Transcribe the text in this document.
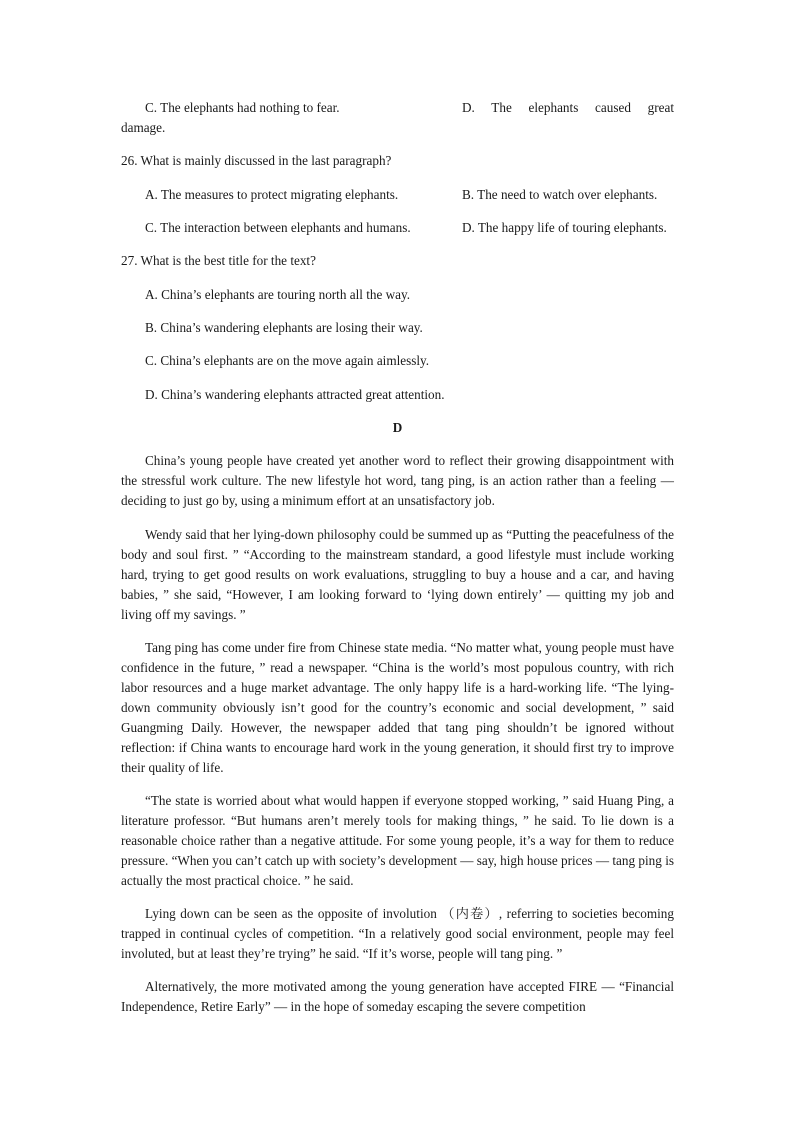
C. The elephants had nothing to fear.	D. The elephants caused great
damage.
26. What is mainly discussed in the last paragraph?
A. The measures to protect migrating elephants.	B. The need to watch over elephants.
C. The interaction between elephants and humans.	D. The happy life of touring elephants.
27. What is the best title for the text?
A. China’s elephants are touring north all the way.
B. China’s wandering elephants are losing their way.
C. China’s elephants are on the move again aimlessly.
D. China’s wandering elephants attracted great attention.
D
China’s young people have created yet another word to reflect their growing disappointment with the stressful work culture. The new lifestyle hot word, tang ping, is an action rather than a feeling — deciding to just go by, using a minimum effort at an unsatisfactory job.
Wendy said that her lying-down philosophy could be summed up as “Putting the peacefulness of the body and soul first. ” “According to the mainstream standard, a good lifestyle must include working hard, trying to get good results on work evaluations, struggling to buy a house and a car, and having babies, ” she said, “However, I am looking forward to ‘lying down entirely’ — quitting my job and living off my savings. ”
Tang ping has come under fire from Chinese state media. “No matter what, young people must have confidence in the future, ” read a newspaper. “China is the world’s most populous country, with rich labor resources and a huge market advantage. The only happy life is a hard-working life. “The lying-down community obviously isn’t good for the country’s economic and social development, ” said Guangming Daily. However, the newspaper added that tang ping shouldn’t be ignored without reflection: if China wants to encourage hard work in the young generation, it should first try to improve their quality of life.
“The state is worried about what would happen if everyone stopped working, ” said Huang Ping, a literature professor. “But humans aren’t merely tools for making things, ” he said. To lie down is a reasonable choice rather than a negative attitude. For some young people, it’s a way for them to reduce pressure. “When you can’t catch up with society’s development — say, high house prices — tang ping is actually the most practical choice. ” he said.
Lying down can be seen as the opposite of involution （内卷）, referring to societies becoming trapped in continual cycles of competition. “In a relatively good social environment, people may feel involuted, but at least they’re trying” he said. “If it’s worse, people will tang ping. ”
Alternatively, the more motivated among the young generation have accepted FIRE — “Financial Independence, Retire Early” — in the hope of someday escaping the severe competition
